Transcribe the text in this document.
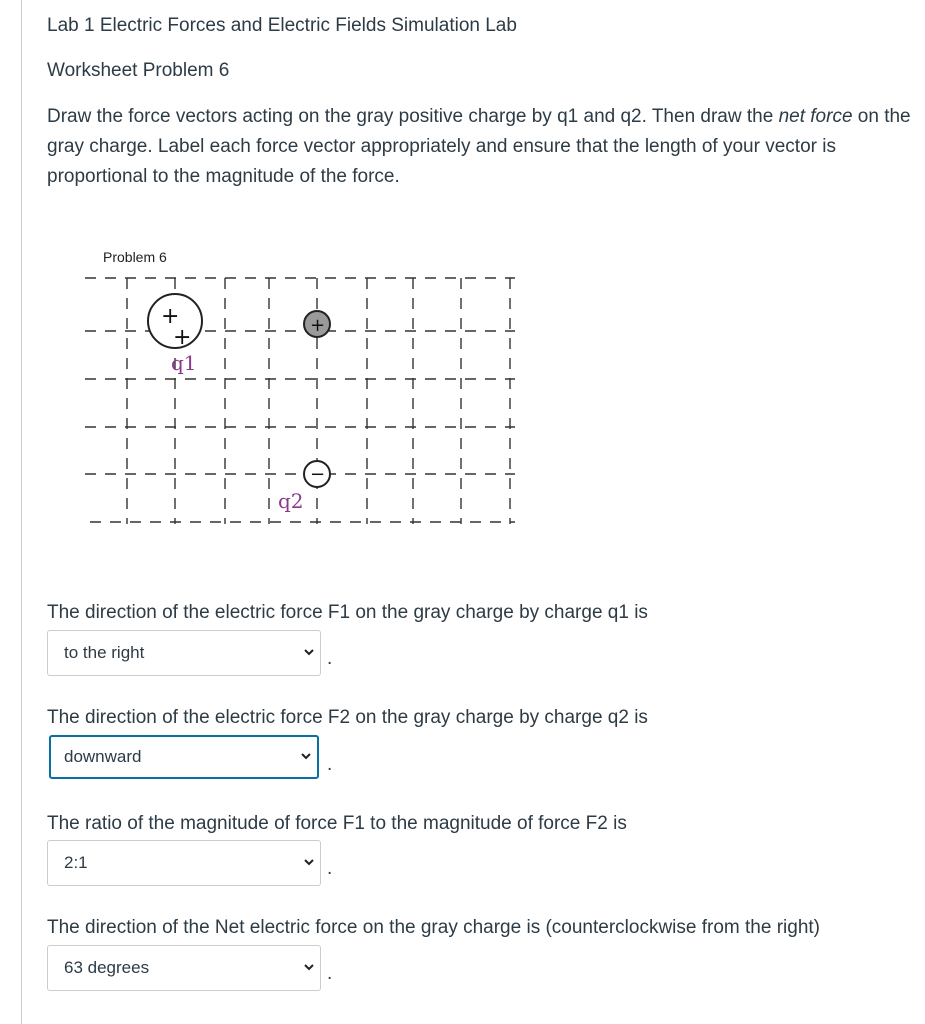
Lab 1 Electric Forces and Electric Fields Simulation Lab
Worksheet Problem 6
Draw the force vectors acting on the gray positive charge by q1 and q2. Then draw the net force on the gray charge. Label each force vector appropriately and ensure that the length of your vector is proportional to the magnitude of the force.
Problem 6
+
+
q1
+
−
q2
The direction of the electric force F1 on the gray charge by charge q1 is
to the right	.
The direction of the electric force F2 on the gray charge by charge q2 is
downward	.
The ratio of the magnitude of force F1 to the magnitude of force F2 is
2:1	.
The direction of the Net electric force on the gray charge is (counterclockwise from the right)
63 degrees	.
